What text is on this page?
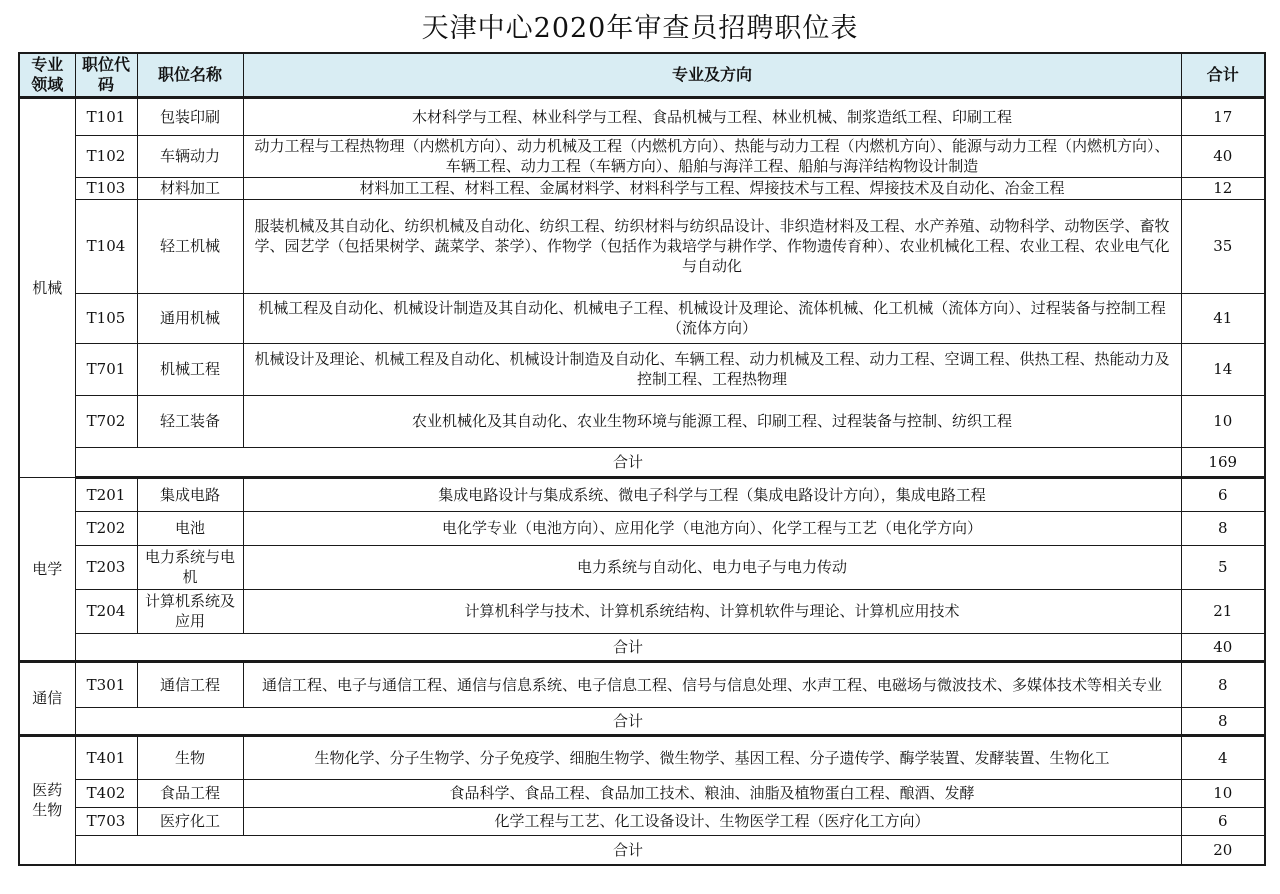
天津中心2020年审查员招聘职位表
专业领域	职位代码	职位名称	专业及方向	合计
机械	T101	包装印刷	木材科学与工程、林业科学与工程、食品机械与工程、林业机械、制浆造纸工程、印刷工程	17
	T102	车辆动力	动力工程与工程热物理（内燃机方向）、动力机械及工程（内燃机方向）、热能与动力工程（内燃机方向）、能源与动力工程（内燃机方向）、车辆工程、动力工程（车辆方向）、船舶与海洋工程、船舶与海洋结构物设计制造	40
	T103	材料加工	材料加工工程、材料工程、金属材料学、材料科学与工程、焊接技术与工程、焊接技术及自动化、冶金工程	12
	T104	轻工机械	服装机械及其自动化、纺织机械及自动化、纺织工程、纺织材料与纺织品设计、非织造材料及工程、水产养殖、动物科学、动物医学、畜牧学、园艺学（包括果树学、蔬菜学、茶学）、作物学（包括作为栽培学与耕作学、作物遗传育种）、农业机械化工程、农业工程、农业电气化与自动化	35
	T105	通用机械	机械工程及自动化、机械设计制造及其自动化、机械电子工程、机械设计及理论、流体机械、化工机械（流体方向）、过程装备与控制工程（流体方向）	41
	T701	机械工程	机械设计及理论、机械工程及自动化、机械设计制造及自动化、车辆工程、动力机械及工程、动力工程、空调工程、供热工程、热能动力及控制工程、工程热物理	14
	T702	轻工装备	农业机械化及其自动化、农业生物环境与能源工程、印刷工程、过程装备与控制、纺织工程	10
	合计			169
电学	T201	集成电路	集成电路设计与集成系统、微电子科学与工程（集成电路设计方向），集成电路工程	6
	T202	电池	电化学专业（电池方向）、应用化学（电池方向）、化学工程与工艺（电化学方向）	8
	T203	电力系统与电机	电力系统与自动化、电力电子与电力传动	5
	T204	计算机系统及应用	计算机科学与技术、计算机系统结构、计算机软件与理论、计算机应用技术	21
	合计			40
通信	T301	通信工程	通信工程、电子与通信工程、通信与信息系统、电子信息工程、信号与信息处理、水声工程、电磁场与微波技术、多媒体技术等相关专业	8
	合计			8
医药生物	T401	生物	生物化学、分子生物学、分子免疫学、细胞生物学、微生物学、基因工程、分子遗传学、酶学装置、发酵装置、生物化工	4
	T402	食品工程	食品科学、食品工程、食品加工技术、粮油、油脂及植物蛋白工程、酿酒、发酵	10
	T703	医疗化工	化学工程与工艺、化工设备设计、生物医学工程（医疗化工方向）	6
	合计			20
